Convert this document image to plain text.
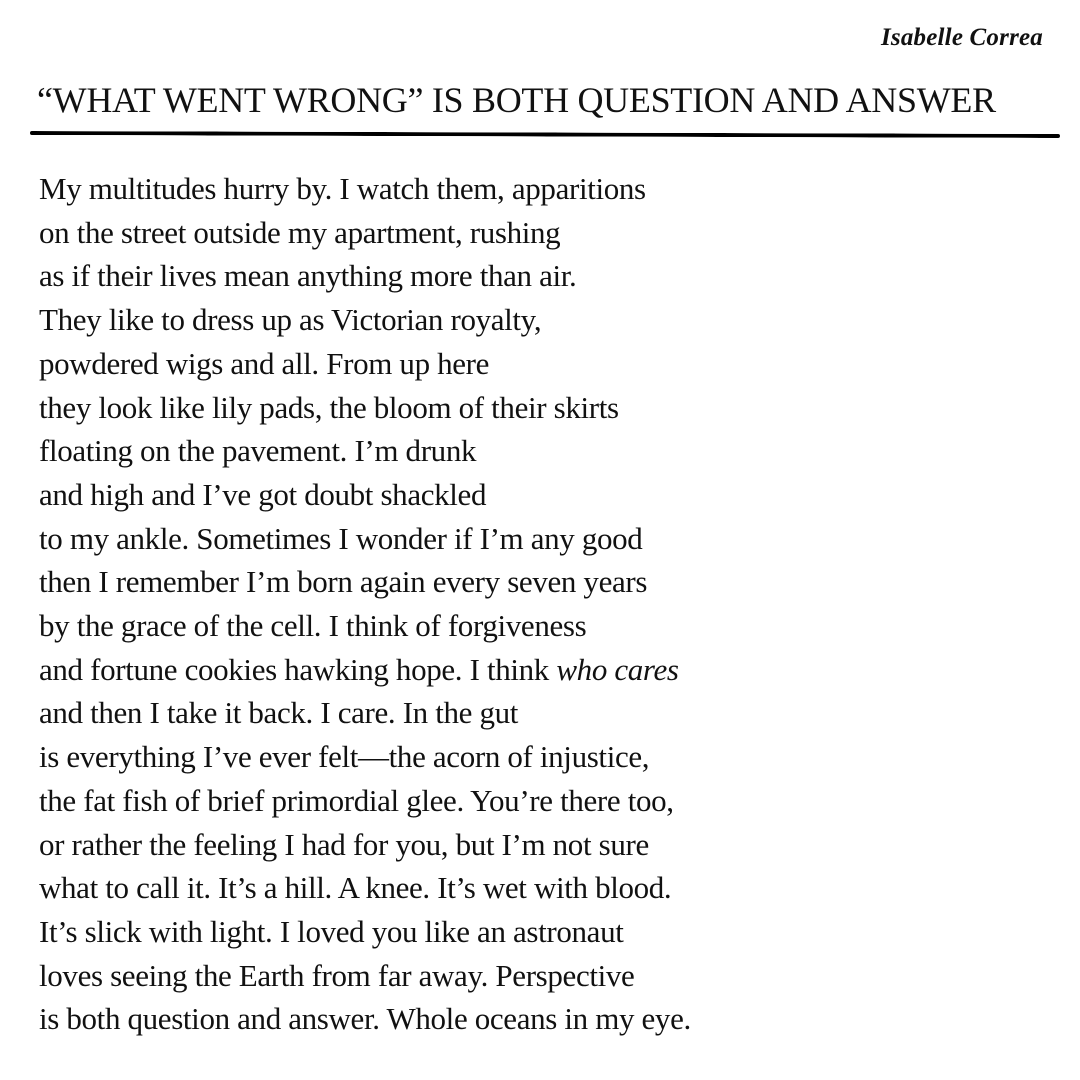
Isabelle Correa
“WHAT WENT WRONG” IS BOTH QUESTION AND ANSWER
My multitudes hurry by. I watch them, apparitions
on the street outside my apartment, rushing
as if their lives mean anything more than air.
They like to dress up as Victorian royalty,
powdered wigs and all. From up here
they look like lily pads, the bloom of their skirts
floating on the pavement. I’m drunk
and high and I’ve got doubt shackled
to my ankle. Sometimes I wonder if I’m any good
then I remember I’m born again every seven years
by the grace of the cell. I think of forgiveness
and fortune cookies hawking hope. I think who cares
and then I take it back. I care. In the gut
is everything I’ve ever felt—the acorn of injustice,
the fat fish of brief primordial glee. You’re there too,
or rather the feeling I had for you, but I’m not sure
what to call it. It’s a hill. A knee. It’s wet with blood.
It’s slick with light. I loved you like an astronaut
loves seeing the Earth from far away. Perspective
is both question and answer. Whole oceans in my eye.
